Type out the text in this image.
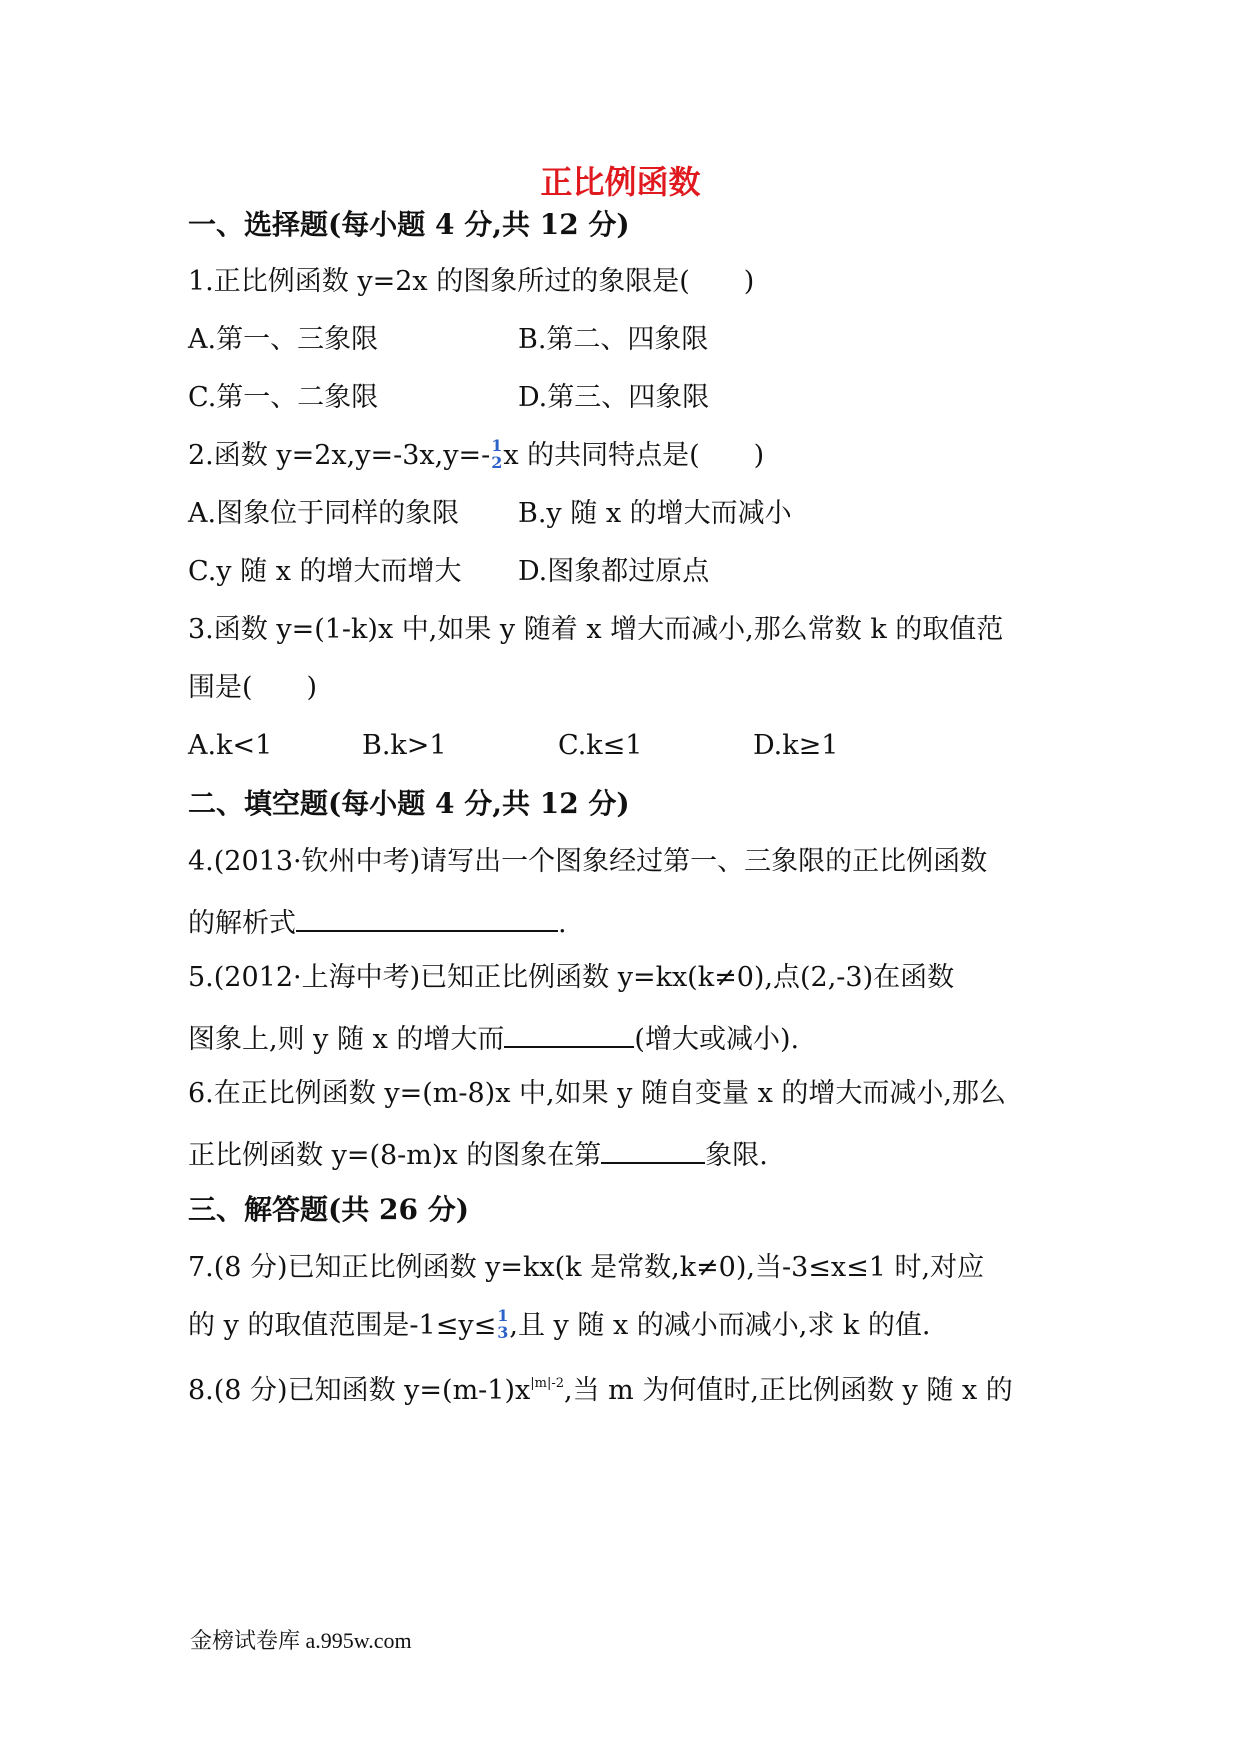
正比例函数
一、选择题(每小题 4 分,共 12 分)
1.正比例函数 y=2x 的图象所过的象限是(　　)
A.第一、三象限	B.第二、四象限
C.第一、二象限	D.第三、四象限
2.函数 y=2x,y=-3x,y=- 1
2 x 的共同特点是(　　)
A.图象位于同样的象限 B.y 随 x 的增大而减小
C.y 随 x 的增大而增大 D.图象都过原点
3.函数 y=(1-k)x 中,如果 y 随着 x 增大而减小,那么常数 k 的取值范
围是(　　)
A.k<1	B.k>1	C.k≤1	D.k≥1
二、填空题(每小题 4 分,共 12 分)
4.(2013·钦州中考)请写出一个图象经过第一、三象限的正比例函数
的解析式	.
5.(2012·上海中考)已知正比例函数 y=kx(k≠0),点(2,-3)在函数
图象上,则 y 随 x 的增大而	(增大或减小).
6.在正比例函数 y=(m-8)x 中,如果 y 随自变量 x 的增大而减小,那么
正比例函数 y=(8-m)x 的图象在第	象限.
三、解答题(共 26 分)
7.(8 分)已知正比例函数 y=kx(k 是常数,k≠0),当-3≤x≤1 时,对应
的 y 的取值范围是-1≤y≤ 1
3 ,且 y 随 x 的减小而减小,求 k 的值.
8.(8 分)已知函数 $y=(m-1)x^{|m|-2}$,当 m 为何值时,正比例函数 y 随 x 的
金榜试卷库 a.995w.com
